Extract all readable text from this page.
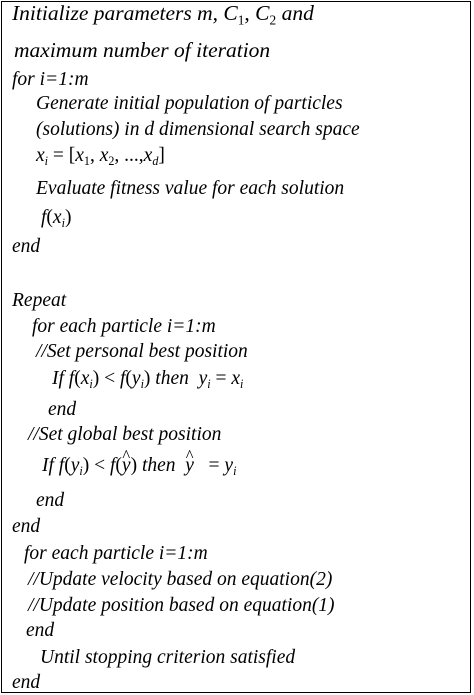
Initialize parameters m, $C_1$, $C_2$ and
maximum number of iteration
for i=1:m
Generate initial population of particles
(solutions) in d dimensional search space
$x_i = [x_1$, $x_2$, $...,x_d$]
Evaluate fitness value for each solution
$f(x_i)$
end
Repeat
for each particle i=1:m
//Set personal best position
If $f(x_i) < f(y_i)$ then $y_i = x_i$
end
//Set global best position
If $f(y_i)$ < f(^ y) then  ^ $y = y_i$
end
end
for each particle i=1:m
//Update velocity based on equation(2)
//Update position based on equation(1)
end
Until stopping criterion satisfied
end
